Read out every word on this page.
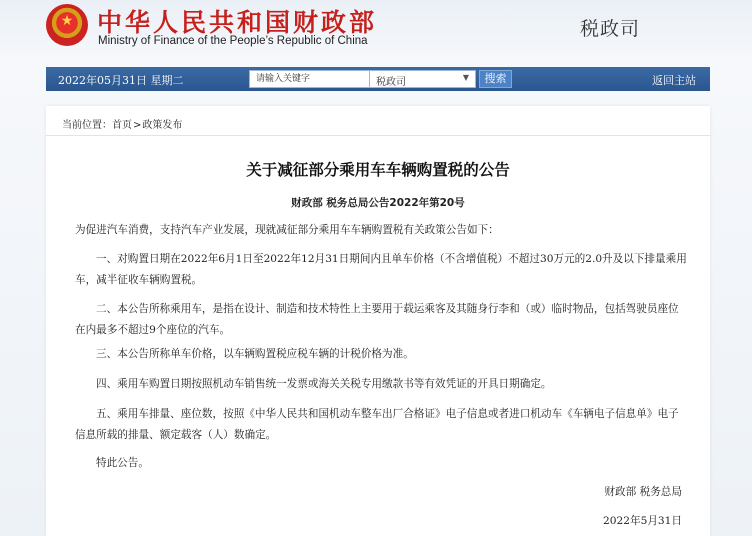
★ 中华人民共和国财政部
Ministry of Finance of the People’s Republic of China
税政司
2022年05月31日 星期二
请输入关键字	税政司	▼	搜索	返回主站
当前位置：首页>政策发布
关于减征部分乘用车车辆购置税的公告
财政部 税务总局公告2022年第20号

为促进汽车消费，支持汽车产业发展，现就减征部分乘用车车辆购置税有关政策公告如下：

一、对购置日期在2022年6月1日至2022年12月31日期间内且单车价格（不含增值税）不超过30万元的2.0升及以下排量乘用车，减半征收车辆购置税。

二、本公告所称乘用车，是指在设计、制造和技术特性上主要用于载运乘客及其随身行李和（或）临时物品，包括驾驶员座位在内最多不超过9个座位的汽车。

三、本公告所称单车价格，以车辆购置税应税车辆的计税价格为准。

四、乘用车购置日期按照机动车销售统一发票或海关关税专用缴款书等有效凭证的开具日期确定。

五、乘用车排量、座位数，按照《中华人民共和国机动车整车出厂合格证》电子信息或者进口机动车《车辆电子信息单》电子信息所载的排量、额定载客（人）数确定。

特此公告。

财政部 税务总局
2022年5月31日
